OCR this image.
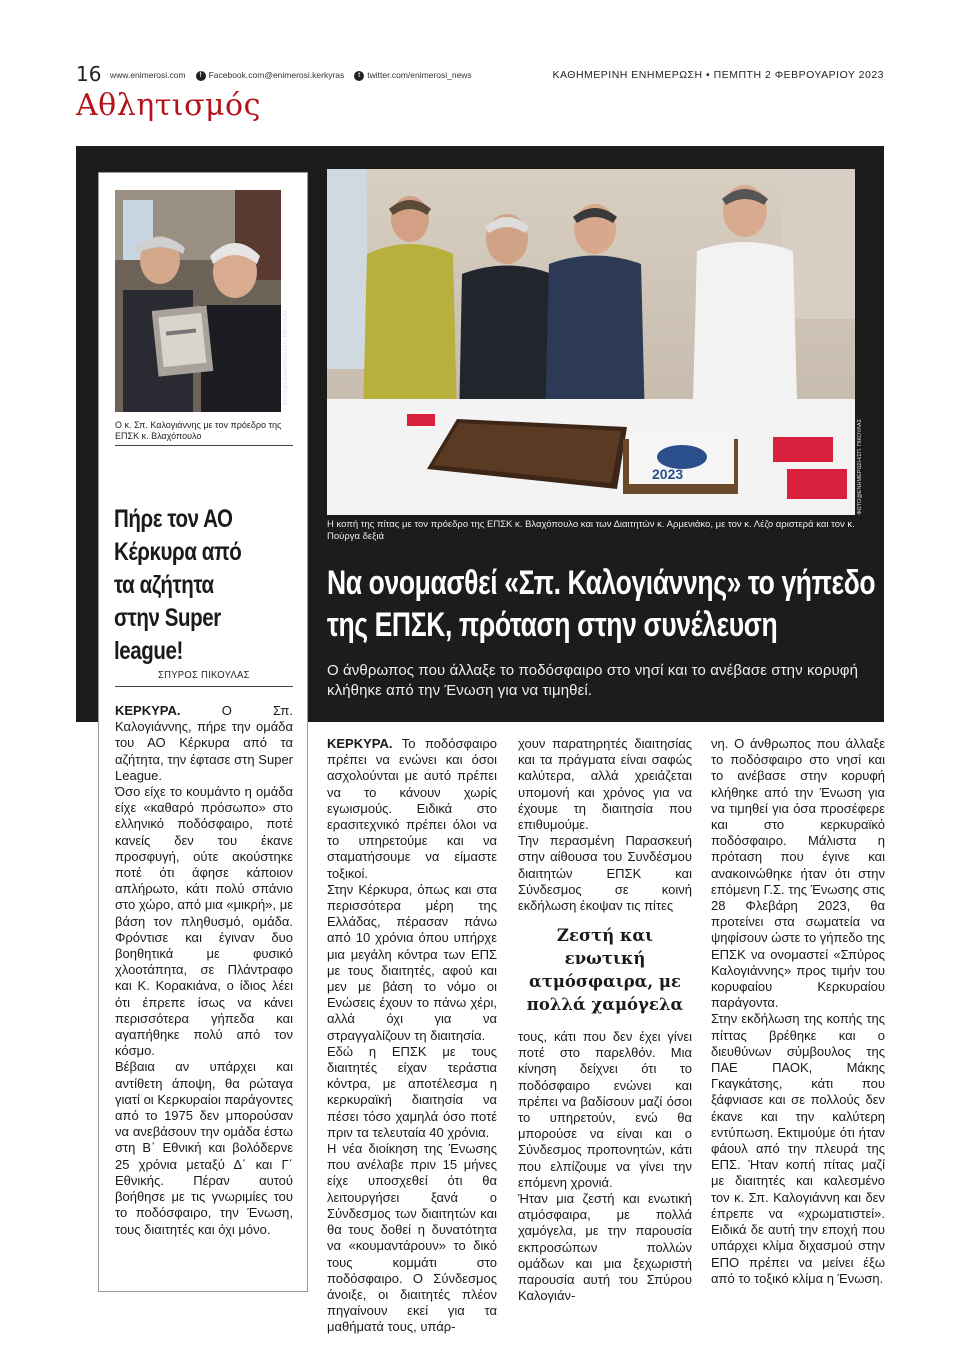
16 www.enimerosi.com	f Facebook.com@enimerosi.kerkyras	t twitter.com/enimerosi_news	ΚΑΘΗΜΕΡΙΝΗ ΕΝΗΜΕΡΩΣΗ • ΠΕΜΠΤΗ 2 ΦΕΒΡΟΥΑΡΙΟΥ 2023
Αθλητισμός
ΦΩΤΟ@ΕΝΗΜΕΡΩΣΗ/ΣΠ. ΠΙΚΟΥΛΑΣ
Ο κ. Σπ. Καλογιάννης με τον πρόεδρο της ΕΠΣΚ κ. Βλαχόπουλο
Πήρε τον ΑΟ Κέρκυρα από τα αζήτητα στην Super league!
ΣΠΥΡΟΣ ΠΙΚΟΥΛΑΣ

ΚΕΡΚΥΡΑ.	Ο Σπ. Καλογιάννης, πήρε την ομάδα του ΑΟ Κέρκυρα από τα αζήτητα, την έφτασε στη Super League.

Όσο είχε το κουμάντο η ομάδα είχε «καθαρό πρόσωπο» στο ελληνικό ποδόσφαιρο, ποτέ κανείς δεν του έκανε προσφυγή, ούτε ακούστηκε ποτέ ότι άφησε κάποιον απλήρωτο, κάτι πολύ σπάνιο στο χώρο, από μια «μικρή», με βάση τον πληθυσμό, ομάδα. Φρόντισε και έγιναν δυο βοηθητικά με φυσικό χλοοτάπητα, σε Πλάντραφο και Κ. Κορακιάνα, ο ίδιος λέει ότι έπρεπε ίσως να κάνει περισσότερα γήπεδα και αγαπήθηκε πολύ από τον κόσμο.

Βέβαια αν υπάρχει και αντίθετη άποψη, θα ρώταγα γιατί οι Κερκυραίοι παράγοντες από το 1975 δεν μπορούσαν να ανεβάσουν την ομάδα έστω στη Β΄ Εθνική και βολόδερνε 25 χρόνια μεταξύ Δ΄ και Γ΄ Εθνικής. Πέραν αυτού βοήθησε με τις γνωριμίες του το ποδόσφαιρο, την Ένωση, τους διαιτητές και όχι μόνο.

2023	ΦΩΤΟ@ΕΝΗΜΕΡΩΣΗ/ΣΠ. ΠΙΚΟΥΛΑΣ
Η κοπή της πίτας με τον πρόεδρο της ΕΠΣΚ κ. Βλαχόπουλο και των Διαιτητών κ. Αρμενιάκο, με τον κ. Λέζο αριστερά και τον κ. Πούργα δεξιά
Να ονομασθεί «Σπ. Καλογιάννης» το γήπεδο
της ΕΠΣΚ, πρόταση στην συνέλευση
Ο άνθρωπος που άλλαξε το ποδόσφαιρο στο νησί και το ανέβασε στην κορυφή κλήθηκε από την Ένωση για να τιμηθεί.

ΚΕΡΚΥΡΑ. Το ποδόσφαιρο πρέπει να ενώνει και όσοι ασχολούνται με αυτό πρέπει να το κάνουν χωρίς εγωισμούς. Ειδικά στο ερασιτεχνικό πρέπει όλοι να το υπηρετούμε και να σταματήσουμε να είμαστε τοξικοί.

Στην Κέρκυρα, όπως και στα περισσότερα μέρη της Ελλάδας, πέρασαν πάνω από 10 χρόνια όπου υπήρχε μια μεγάλη κόντρα των ΕΠΣ με τους διαιτητές, αφού και μεν με βάση το νόμο οι Ενώσεις έχουν το πάνω χέρι, αλλά όχι για να στραγγαλίζουν τη διαιτησία.

Εδώ η ΕΠΣΚ με τους διαιτητές είχαν τεράστια κόντρα, με αποτέλεσμα η κερκυραϊκή διαιτησία να πέσει τόσο χαμηλά όσο ποτέ πριν τα τελευταία 40 χρόνια.

Η νέα διοίκηση της Ένωσης που ανέλαβε πριν 15 μήνες είχε υποσχεθεί ότι θα λειτουργήσει ξανά ο Σύνδεσμος των διαιτητών και θα τους δοθεί η δυνατότητα να «κουμαντάρουν» το δικό τους κομμάτι στο ποδόσφαιρο. Ο Σύνδεσμος άνοιξε, οι διαιτητές πλέον πηγαίνουν εκεί για τα μαθήματά τους, υπάρ-

χουν παρατηρητές διαιτησίας και τα πράγματα είναι σαφώς καλύτερα, αλλά χρειάζεται υπομονή και χρόνος για να έχουμε τη διαιτησία που επιθυμούμε.

Την περασμένη Παρασκευή στην αίθουσα του Συνδέσμου διαιτητών ΕΠΣΚ και Σύνδεσμος σε κοινή εκδήλωση έκοψαν τις πίτες

Ζεστή και ενωτική ατμόσφαιρα, με πολλά χαμόγελα

τους, κάτι που δεν έχει γίνει ποτέ στο παρελθόν. Μια κίνηση δείχνει ότι το ποδόσφαιρο ενώνει και πρέπει να βαδίσουν μαζί όσοι το υπηρετούν, ενώ θα μπορούσε να είναι και ο Σύνδεσμος προπονητών, κάτι που ελπίζουμε να γίνει την επόμενη χρονιά.

Ήταν μια ζεστή και ενωτική ατμόσφαιρα, με πολλά χαμόγελα, με την παρουσία εκπροσώπων πολλών ομάδων και μια ξεχωριστή παρουσία αυτή του Σπύρου Καλογιάν-

νη. Ο άνθρωπος που άλλαξε το ποδόσφαιρο στο νησί και το ανέβασε στην κορυφή κλήθηκε από την Ένωση για να τιμηθεί για όσα προσέφερε και στο κερκυραϊκό ποδόσφαιρο. Μάλιστα η πρόταση που έγινε και ανακοινώθηκε ήταν ότι στην επόμενη Γ.Σ. της Ένωσης στις 28 Φλεβάρη 2023, θα προτείνει στα σωματεία να ψηφίσουν ώστε το γήπεδο της ΕΠΣΚ να ονομαστεί «Σπύρος Καλογιάννης» προς τιμήν του κορυφαίου Κερκυραίου παράγοντα.

Στην εκδήλωση της κοπής της πίττας βρέθηκε και ο διευθύνων σύμβουλος της ΠΑΕ ΠΑΟΚ, Μάκης Γκαγκάτσης, κάτι που ξάφνιασε και σε πολλούς δεν έκανε και την καλύτερη εντύπωση. Εκτιμούμε ότι ήταν φάουλ από την πλευρά της ΕΠΣ. Ήταν κοπή πίτας μαζί με διαιτητές και καλεσμένο τον κ. Σπ. Καλογιάννη και δεν έπρεπε να «χρωματιστεί». Ειδικά δε αυτή την εποχή που υπάρχει κλίμα διχασμού στην ΕΠΟ πρέπει να μείνει έξω από το τοξικό κλίμα η Ένωση.
